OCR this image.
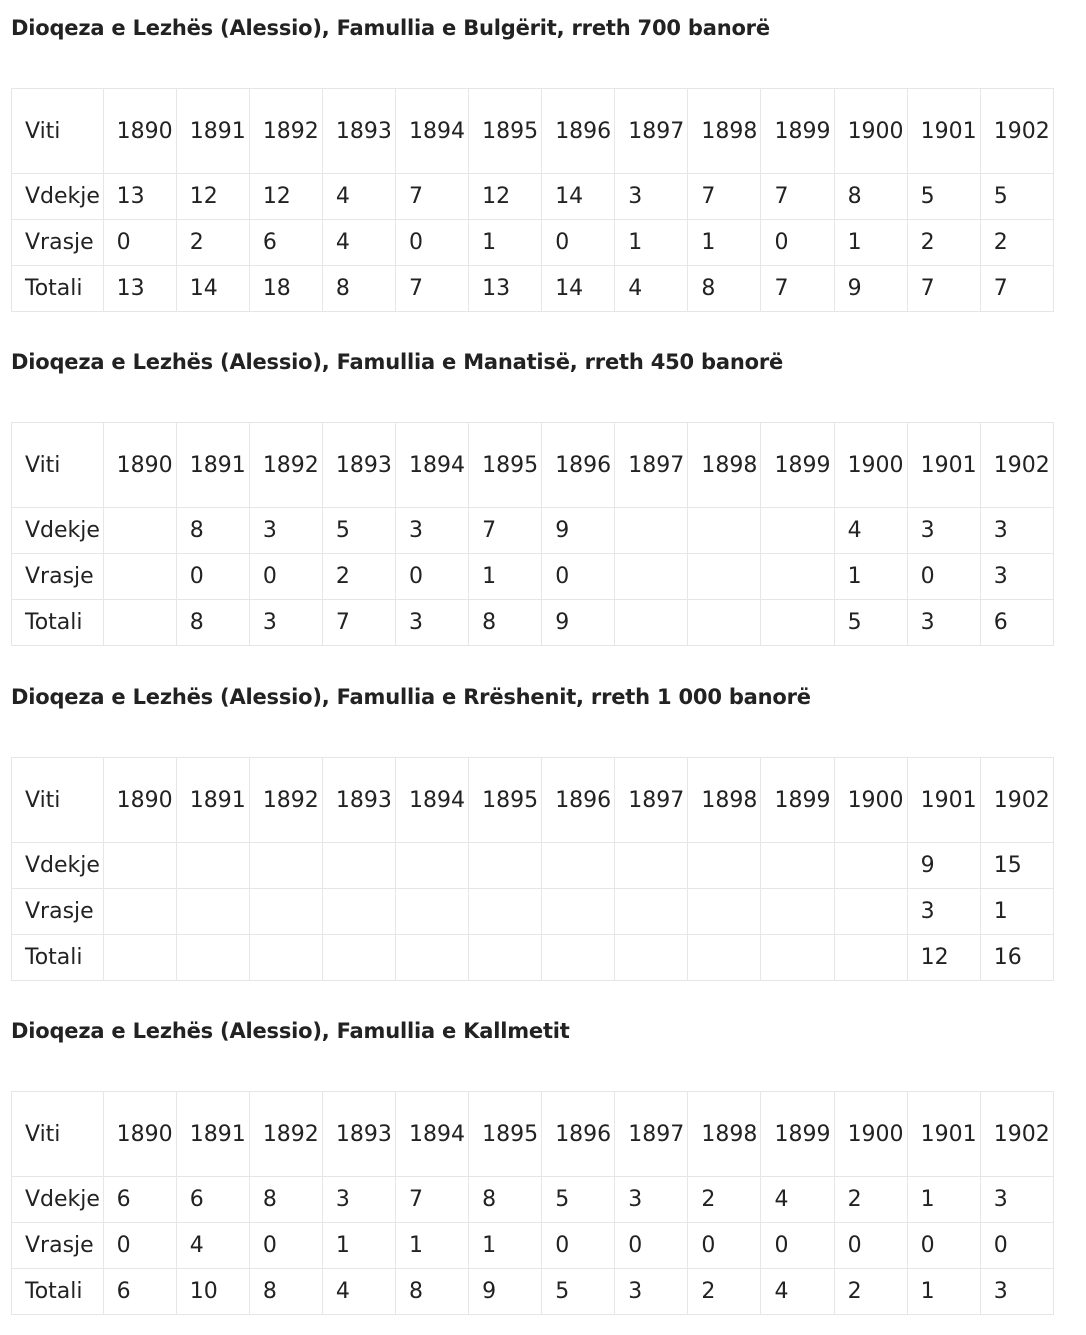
Dioqeza e Lezhës (Alessio), Famullia e Bulgërit, rreth 700 banorë
Viti	1890	1891	1892	1893	1894	1895	1896	1897	1898	1899	1900	1901	1902
Vdekje	13	12	12	4	7	12	14	3	7	7	8	5	5
Vrasje	0	2	6	4	0	1	0	1	1	0	1	2	2
Totali	13	14	18	8	7	13	14	4	8	7	9	7	7
Dioqeza e Lezhës (Alessio), Famullia e Manatisë, rreth 450 banorë
Viti	1890	1891	1892	1893	1894	1895	1896	1897	1898	1899	1900	1901	1902
Vdekje		8	3	5	3	7	9				4	3	3
Vrasje		0	0	2	0	1	0				1	0	3
Totali		8	3	7	3	8	9				5	3	6
Dioqeza e Lezhës (Alessio), Famullia e Rrëshenit, rreth 1 000 banorë
Viti	1890	1891	1892	1893	1894	1895	1896	1897	1898	1899	1900	1901	1902
Vdekje												9	15
Vrasje												3	1
Totali												12	16
Dioqeza e Lezhës (Alessio), Famullia e Kallmetit
Viti	1890	1891	1892	1893	1894	1895	1896	1897	1898	1899	1900	1901	1902
Vdekje	6	6	8	3	7	8	5	3	2	4	2	1	3
Vrasje	0	4	0	1	1	1	0	0	0	0	0	0	0
Totali	6	10	8	4	8	9	5	3	2	4	2	1	3
